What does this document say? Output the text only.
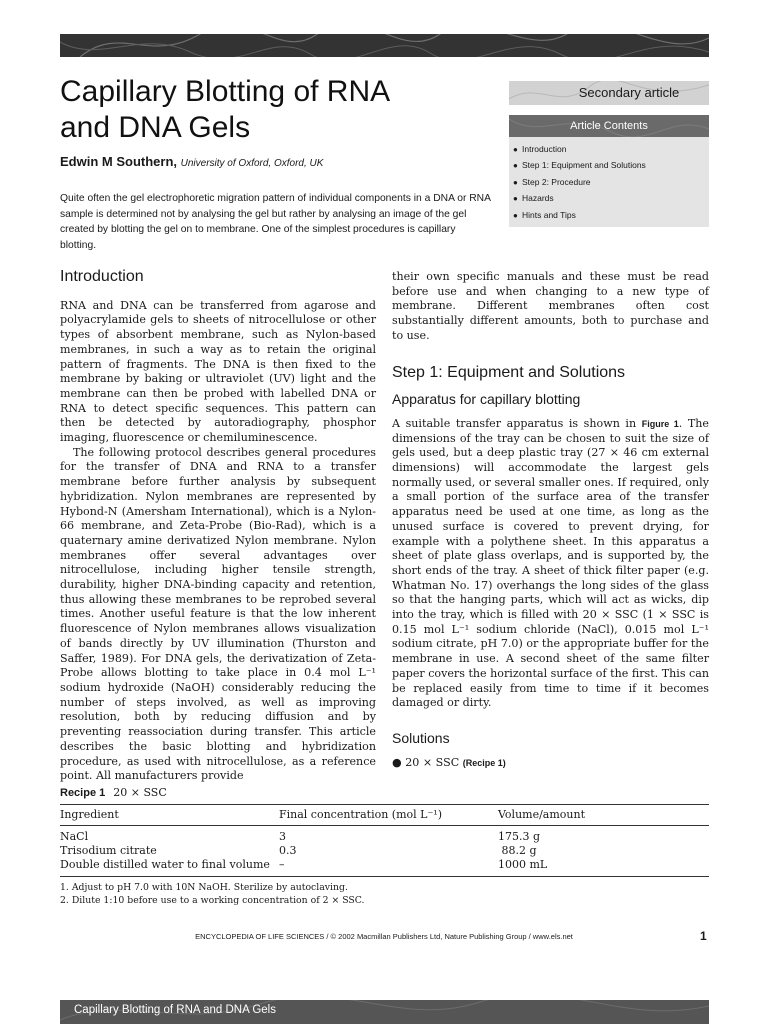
Capillary Blotting of RNA
and DNA Gels
Edwin M Southern, University of Oxford, Oxford, UK

Quite often the gel electrophoretic migration pattern of individual components in a DNA or RNA sample is determined not by analysing the gel but rather by analysing an image of the gel created by blotting the gel on to membrane. One of the simplest procedures is capillary blotting.

Secondary article
Article Contents
● Introduction
● Step 1: Equipment and Solutions
● Step 2: Procedure
● Hazards
● Hints and Tips
Introduction

RNA and DNA can be transferred from agarose and polyacrylamide gels to sheets of nitrocellulose or other types of absorbent membrane, such as Nylon-based membranes, in such a way as to retain the original pattern of fragments. The DNA is then fixed to the membrane by baking or ultraviolet (UV) light and the membrane can then be probed with labelled DNA or RNA to detect specific sequences. This pattern can then be detected by autoradiography, phosphor imaging, fluorescence or chemiluminescence.

The following protocol describes general procedures for the transfer of DNA and RNA to a transfer membrane before further analysis by subsequent hybridization. Nylon membranes are represented by Hybond-N (Amersham International), which is a Nylon-66 membrane, and Zeta-Probe (Bio-Rad), which is a quaternary amine derivatized Nylon membrane. Nylon membranes offer several advantages over nitrocellulose, including higher tensile strength, durability, higher DNA-binding capacity and retention, thus allowing these membranes to be reprobed several times. Another useful feature is that the low inherent fluorescence of Nylon membranes allows visualization of bands directly by UV illumination (Thurston and Saffer, 1989). For DNA gels, the derivatization of Zeta-Probe allows blotting to take place in 0.4 mol L⁻¹ sodium hydroxide (NaOH) considerably reducing the number of steps involved, as well as improving resolution, both by reducing diffusion and by preventing reassociation during transfer. This article describes the basic blotting and hybridization procedure, as used with nitrocellulose, as a reference point. All manufacturers provide

their own specific manuals and these must be read before use and when changing to a new type of membrane. Different membranes often cost substantially different amounts, both to purchase and to use.

Step 1: Equipment and Solutions
Apparatus for capillary blotting

A suitable transfer apparatus is shown in Figure 1. The dimensions of the tray can be chosen to suit the size of gels used, but a deep plastic tray (27 × 46 cm external dimensions) will accommodate the largest gels normally used, or several smaller ones. If required, only a small portion of the surface area of the transfer apparatus need be used at one time, as long as the unused surface is covered to prevent drying, for example with a polythene sheet. In this apparatus a sheet of plate glass overlaps, and is supported by, the short ends of the tray. A sheet of thick filter paper (e.g. Whatman No. 17) overhangs the long sides of the glass so that the hanging parts, which will act as wicks, dip into the tray, which is filled with 20 × SSC (1 × SSC is 0.15 mol L⁻¹ sodium chloride (NaCl), 0.015 mol L⁻¹ sodium citrate, pH 7.0) or the appropriate buffer for the membrane in use. A second sheet of the same filter paper covers the horizontal surface of the first. This can be replaced easily from time to time if it becomes damaged or dirty.

Solutions

● 20 × SSC (Recipe 1)

Recipe 1 20 × SSC
Ingredient	Final concentration (mol L⁻¹)	Volume/amount
NaCl	3	175.3 g
Trisodium citrate	0.3	88.2 g
Double distilled water to final volume	–	1000 mL
1. Adjust to pH 7.0 with 10N NaOH. Sterilize by autoclaving.
2. Dilute 1:10 before use to a working concentration of 2 × SSC.
ENCYCLOPEDIA OF LIFE SCIENCES / © 2002 Macmillan Publishers Ltd, Nature Publishing Group / www.els.net	1
Capillary Blotting of RNA and DNA Gels
